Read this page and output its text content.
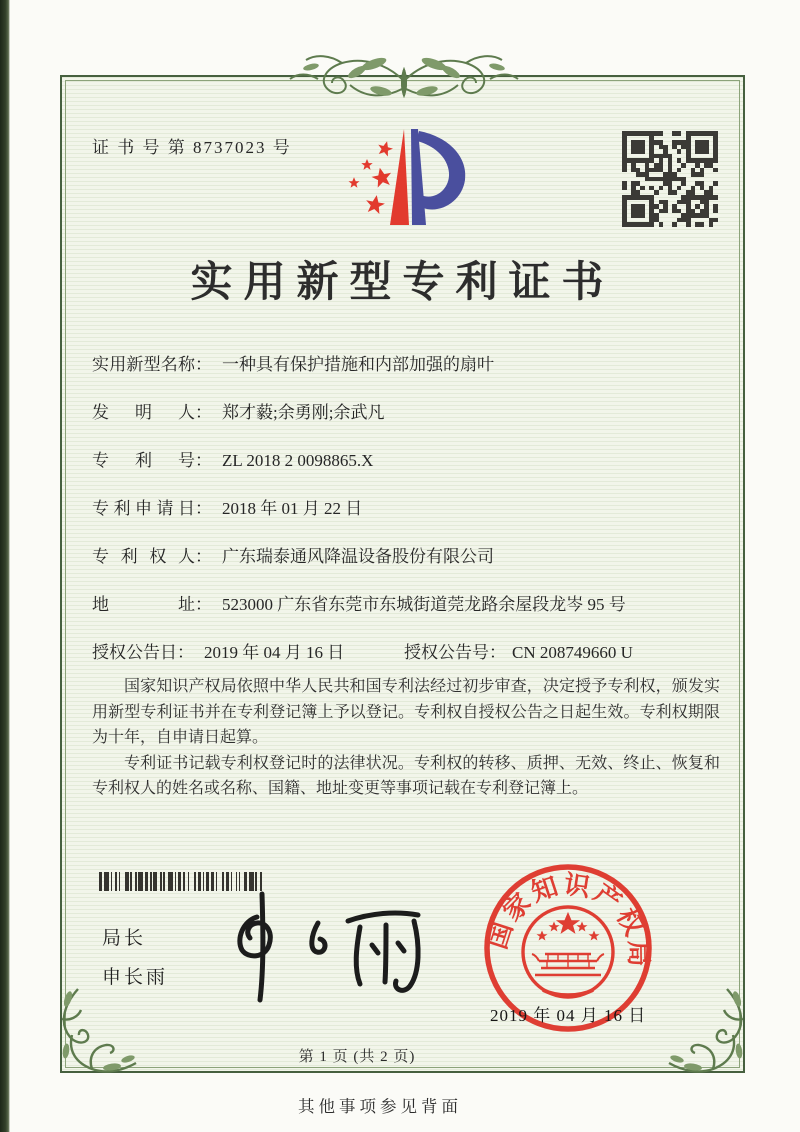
证 书 号 第 8737023 号
实用新型专利证书
实用新型名称： 一种具有保护措施和内部加强的扇叶
发明人： 郑才藙;余勇刚;余武凡
专利号： ZL 2018 2 0098865.X
专利申请日： 2018 年 01 月 22 日
专利权人： 广东瑞泰通风降温设备股份有限公司
地址： 523000 广东省东莞市东城街道莞龙路余屋段龙岑 95 号
授权公告日： 2019 年 04 月 16 日	授权公告号： CN 208749660 U

国家知识产权局依照中华人民共和国专利法经过初步审查，决定授予专利权，颁发实用新型专利证书并在专利登记簿上予以登记。专利权自授权公告之日起生效。专利权期限为十年，自申请日起算。

专利证书记载专利权登记时的法律状况。专利权的转移、质押、无效、终止、恢复和专利权人的姓名或名称、国籍、地址变更等事项记载在专利登记簿上。

局长
申长雨
国家知识产权局
2019 年 04 月 16 日
第 1 页 (共 2 页)
其他事项参见背面
